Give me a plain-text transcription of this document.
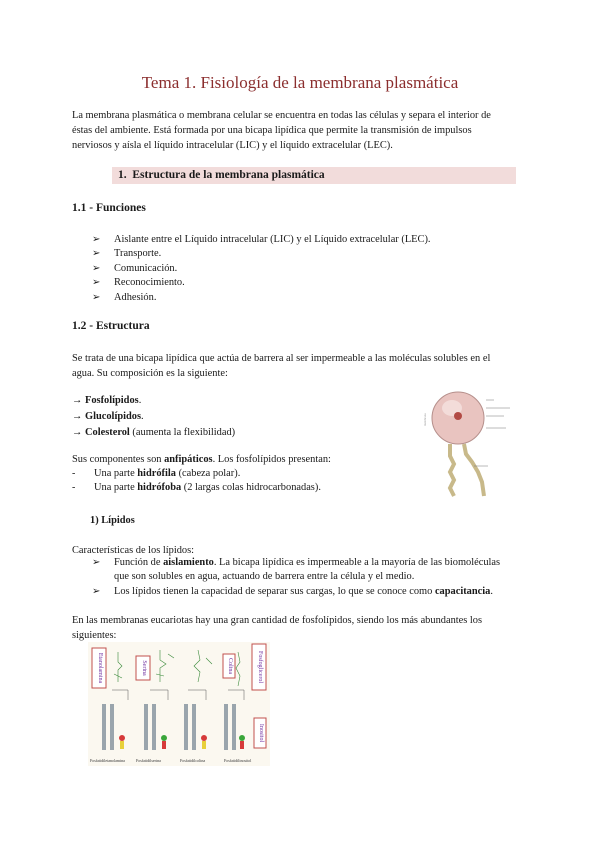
Tema 1. Fisiología de la membrana plasmática
La membrana plasmática o membrana celular se encuentra en todas las células y separa el interior de
éstas del ambiente. Está formada por una bicapa lipídica que permite la transmisión de impulsos
nerviosos y aísla el líquido intracelular (LIC) y el líquido extracelular (LEC).
1. Estructura de la membrana plasmática
1.1 - Funciones
➢ Aislante entre el Líquido intracelular (LIC) y el Líquido extracelular (LEC).
➢ Transporte.
➢ Comunicación.
➢ Reconocimiento.
➢ Adhesión.
1.2 - Estructura
Se trata de una bicapa lipídica que actúa de barrera al ser impermeable a las moléculas solubles en el
agua. Su composición es la siguiente:
→ Fosfolípidos.
→ Glucolípidos.
→ Colesterol (aumenta la flexibilidad)
membrana
Sus componentes son anfipáticos. Los fosfolípidos presentan:
- Una parte hidrófila (cabeza polar).
- Una parte hidrófoba (2 largas colas hidrocarbonadas).
1) Lípidos
Características de los lípidos:
➢ Función de aislamiento. La bicapa lipídica es impermeable a la mayoría de las biomoléculas
que son solubles en agua, actuando de barrera entre la célula y el medio.
➢ Los lípidos tienen la capacidad de separar sus cargas, lo que se conoce como capacitancia.
En las membranas eucariotas hay una gran cantidad de fosfolípidos, siendo los más abundantes los
siguientes:
Etanolamina	Serina	Colina	Fosfoglicerol
Inositol
Fosfatidiletanolamina	Fosfatidilserina	Fosfatidilcolina	Fosfatidilinositol
